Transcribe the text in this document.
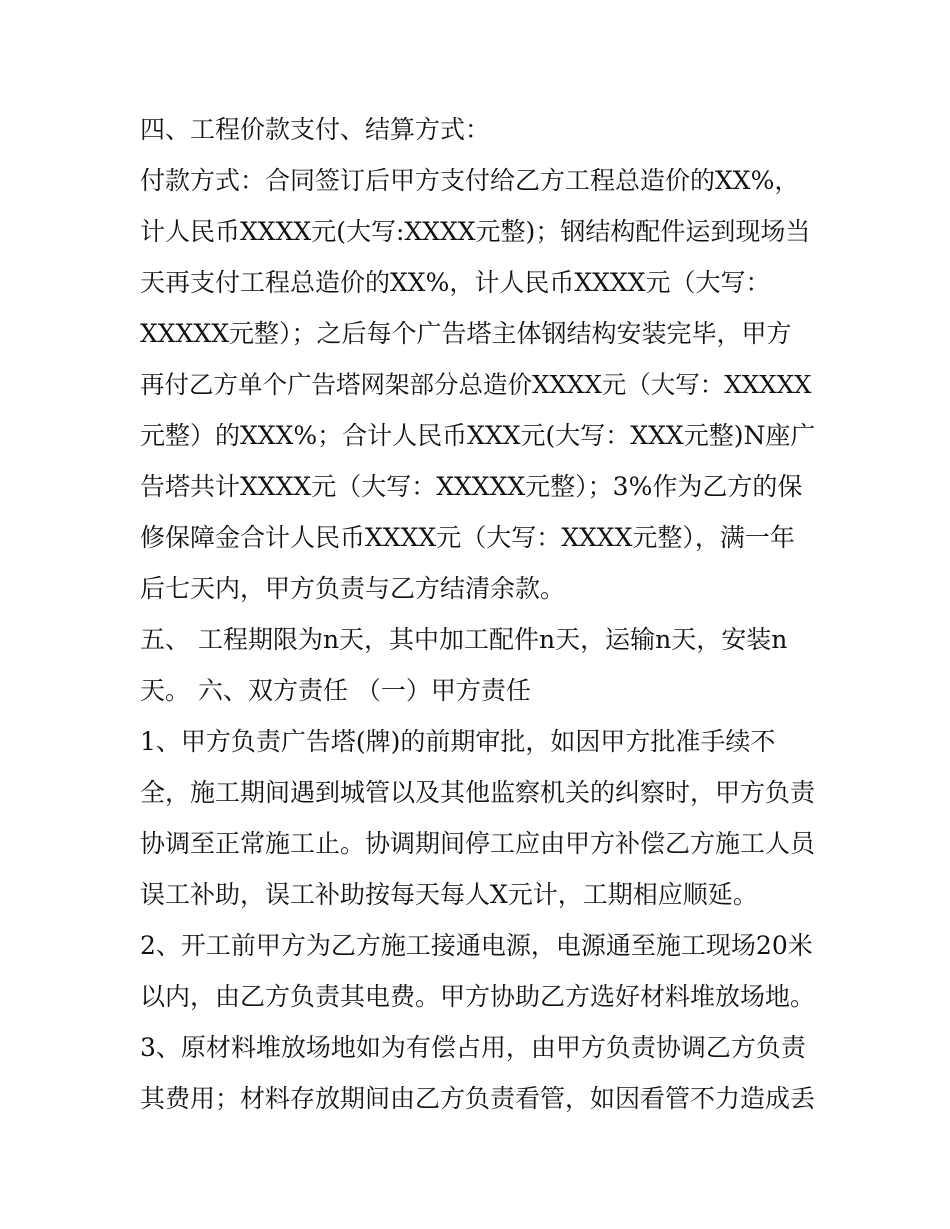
四、工程价款支付、结算方式：
付款方式：合同签订后甲方支付给乙方工程总造价的XX%，
计人民币XXXX元(大写:XXXX元整)；钢结构配件运到现场当
天再支付工程总造价的XX%，计人民币XXXX元（大写：
XXXXX元整）；之后每个广告塔主体钢结构安装完毕，甲方
再付乙方单个广告塔网架部分总造价XXXX元（大写：XXXXX
元整）的XXX%；合计人民币XXX元(大写：XXX元整)N座广
告塔共计XXXX元（大写：XXXXX元整）；3%作为乙方的保
修保障金合计人民币XXXX元（大写：XXXX元整），满一年
后七天内，甲方负责与乙方结清余款。
五、 工程期限为n天，其中加工配件n天，运输n天，安装n
天。 六、双方责任 （一）甲方责任
1、甲方负责广告塔(牌)的前期审批，如因甲方批准手续不
全，施工期间遇到城管以及其他监察机关的纠察时，甲方负责
协调至正常施工止。协调期间停工应由甲方补偿乙方施工人员
误工补助，误工补助按每天每人X元计，工期相应顺延。
2、开工前甲方为乙方施工接通电源，电源通至施工现场20米
以内，由乙方负责其电费。甲方协助乙方选好材料堆放场地。
3、原材料堆放场地如为有偿占用，由甲方负责协调乙方负责
其费用；材料存放期间由乙方负责看管，如因看管不力造成丢
